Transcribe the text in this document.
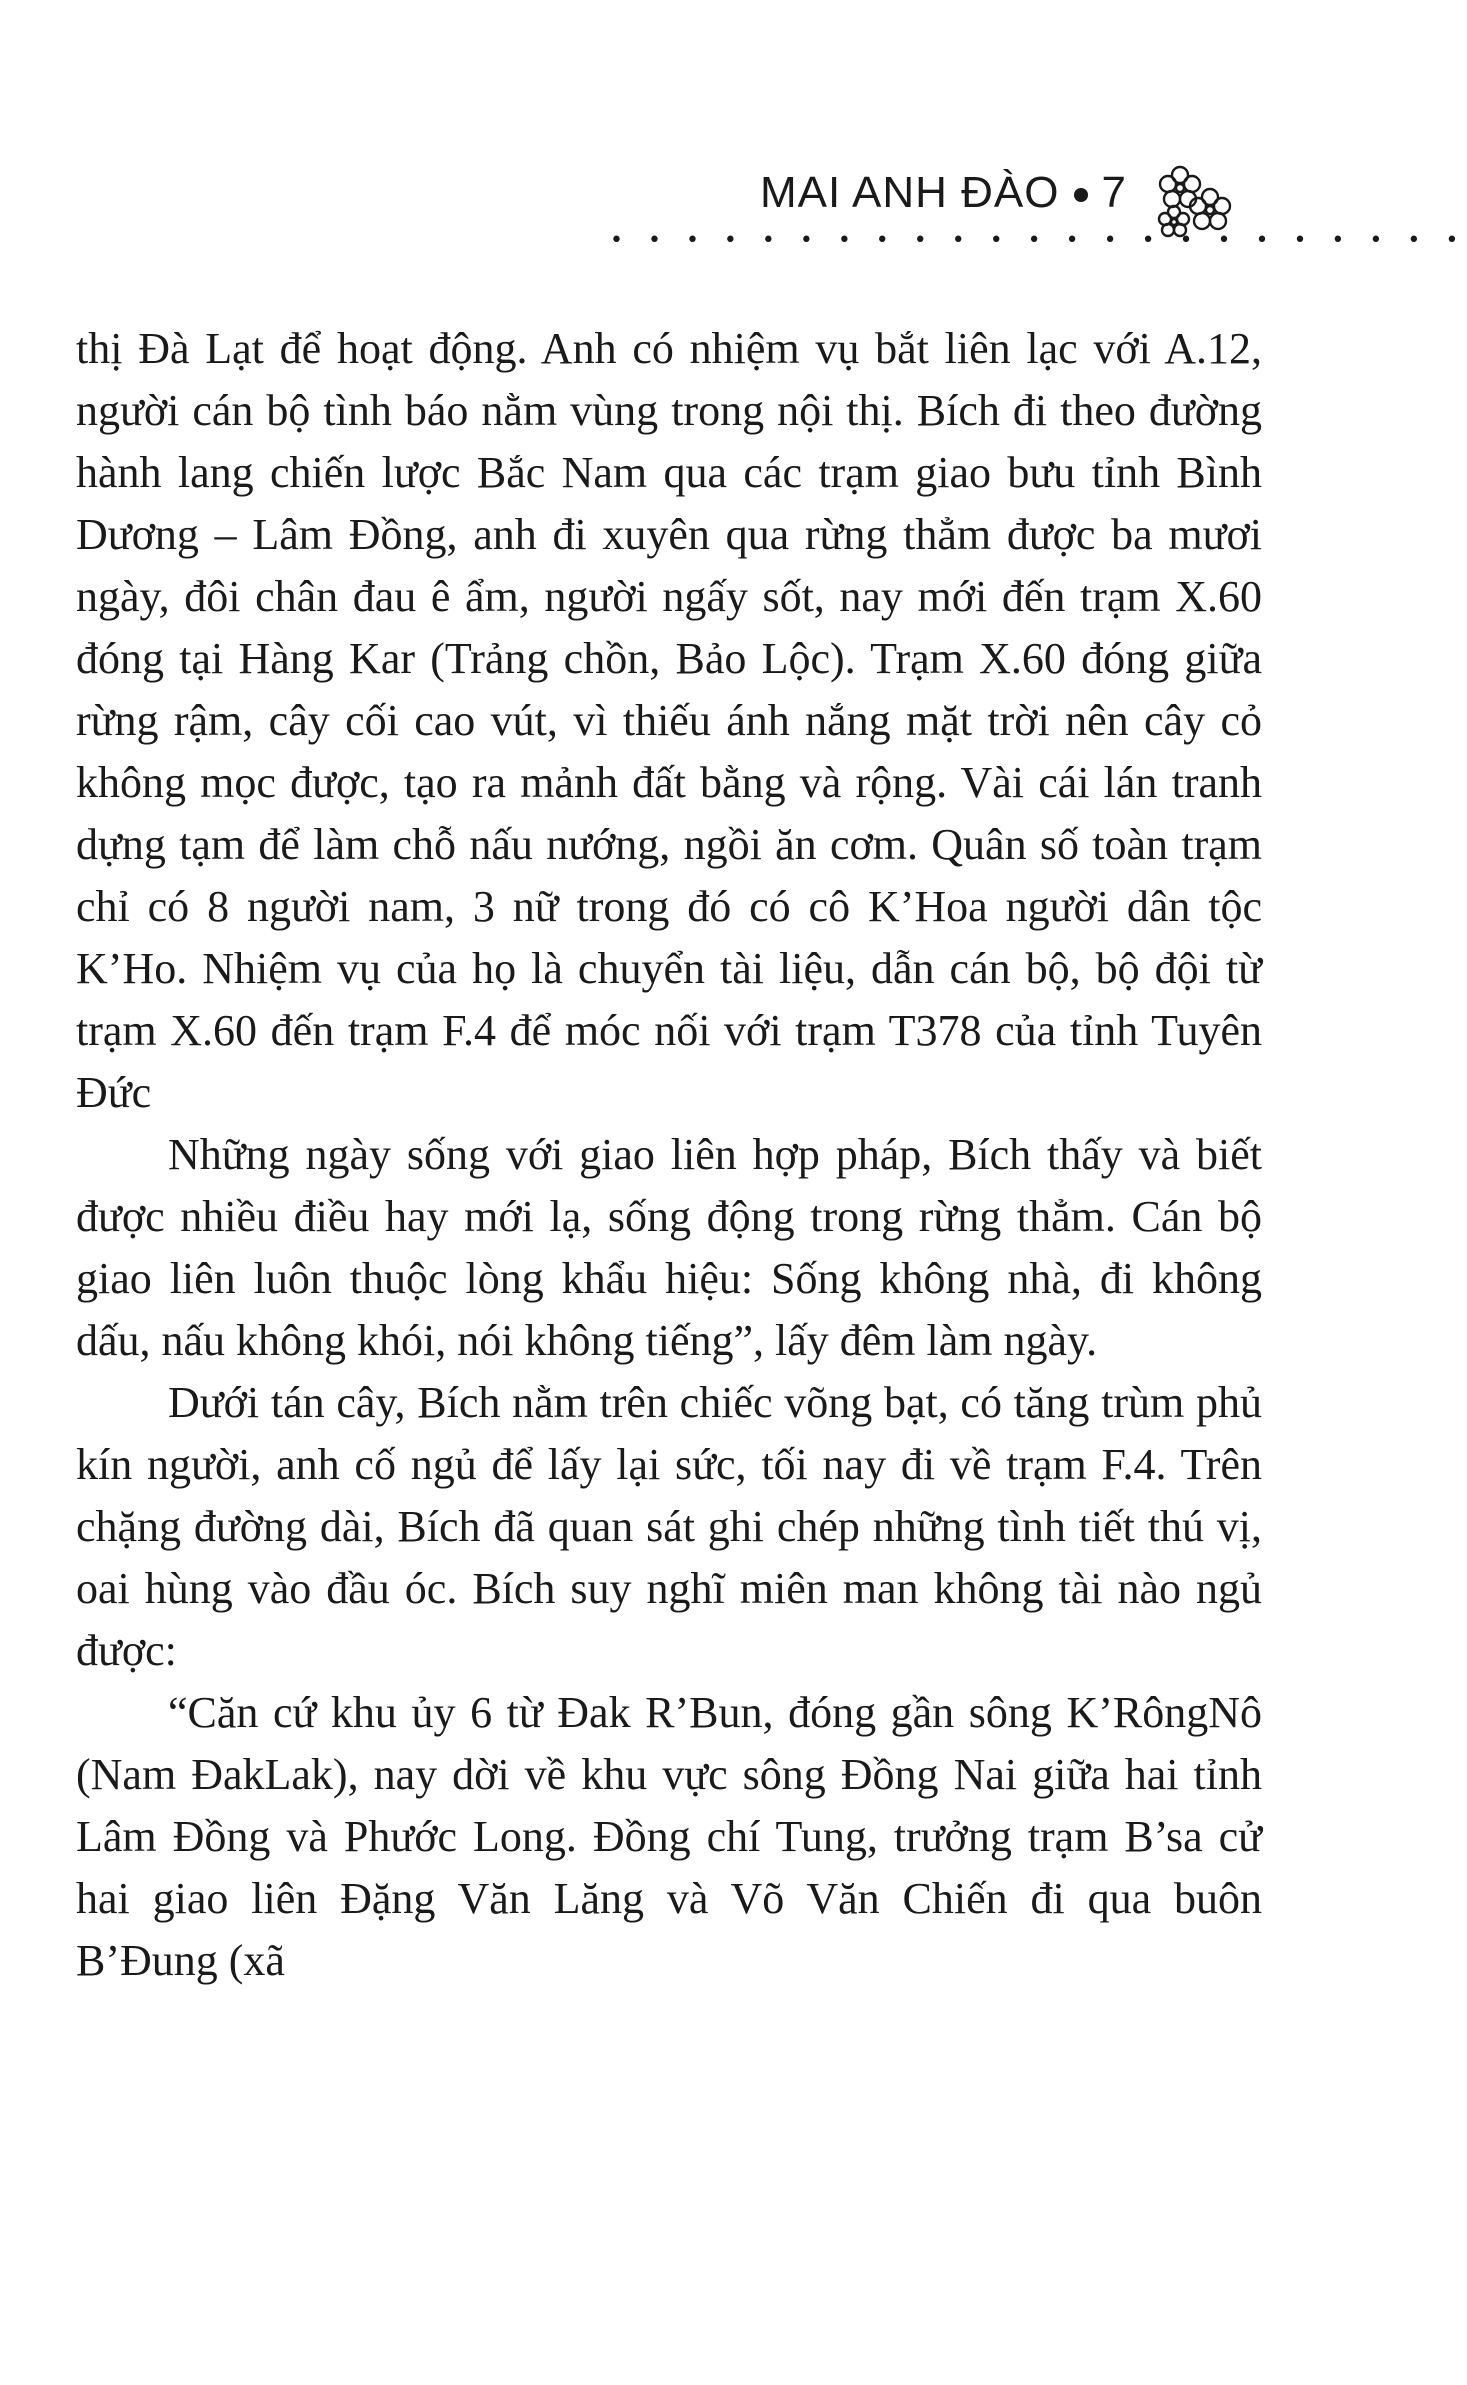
MAI ANH ĐÀO 7
• • • • • • • • • • • • • • • • • • • • • • •

thị Đà Lạt để hoạt động. Anh có nhiệm vụ bắt liên lạc với A.12, người cán bộ tình báo nằm vùng trong nội thị. Bích đi theo đường hành lang chiến lược Bắc Nam qua các trạm giao bưu tỉnh Bình Dương – Lâm Đồng, anh đi xuyên qua rừng thẳm được ba mươi ngày, đôi chân đau ê ẩm, người ngấy sốt, nay mới đến trạm X.60 đóng tại Hàng Kar (Trảng chồn, Bảo Lộc). Trạm X.60 đóng giữa rừng rậm, cây cối cao vút, vì thiếu ánh nắng mặt trời nên cây cỏ không mọc được, tạo ra mảnh đất bằng và rộng. Vài cái lán tranh dựng tạm để làm chỗ nấu nướng, ngồi ăn cơm. Quân số toàn trạm chỉ có 8 người nam, 3 nữ trong đó có cô K’Hoa người dân tộc K’Ho. Nhiệm vụ của họ là chuyển tài liệu, dẫn cán bộ, bộ đội từ trạm X.60 đến trạm F.4 để móc nối với trạm T378 của tỉnh Tuyên Đức

Những ngày sống với giao liên hợp pháp, Bích thấy và biết được nhiều điều hay mới lạ, sống động trong rừng thẳm. Cán bộ giao liên luôn thuộc lòng khẩu hiệu: Sống không nhà, đi không dấu, nấu không khói, nói không tiếng”, lấy đêm làm ngày.

Dưới tán cây, Bích nằm trên chiếc võng bạt, có tăng trùm phủ kín người, anh cố ngủ để lấy lại sức, tối nay đi về trạm F.4. Trên chặng đường dài, Bích đã quan sát ghi chép những tình tiết thú vị, oai hùng vào đầu óc. Bích suy nghĩ miên man không tài nào ngủ được:

“Căn cứ khu ủy 6 từ Đak R’Bun, đóng gần sông K’RôngNô (Nam ĐakLak), nay dời về khu vực sông Đồng Nai giữa hai tỉnh Lâm Đồng và Phước Long. Đồng chí Tung, trưởng trạm B’sa cử hai giao liên Đặng Văn Lăng và Võ Văn Chiến đi qua buôn B’Đung (xã
